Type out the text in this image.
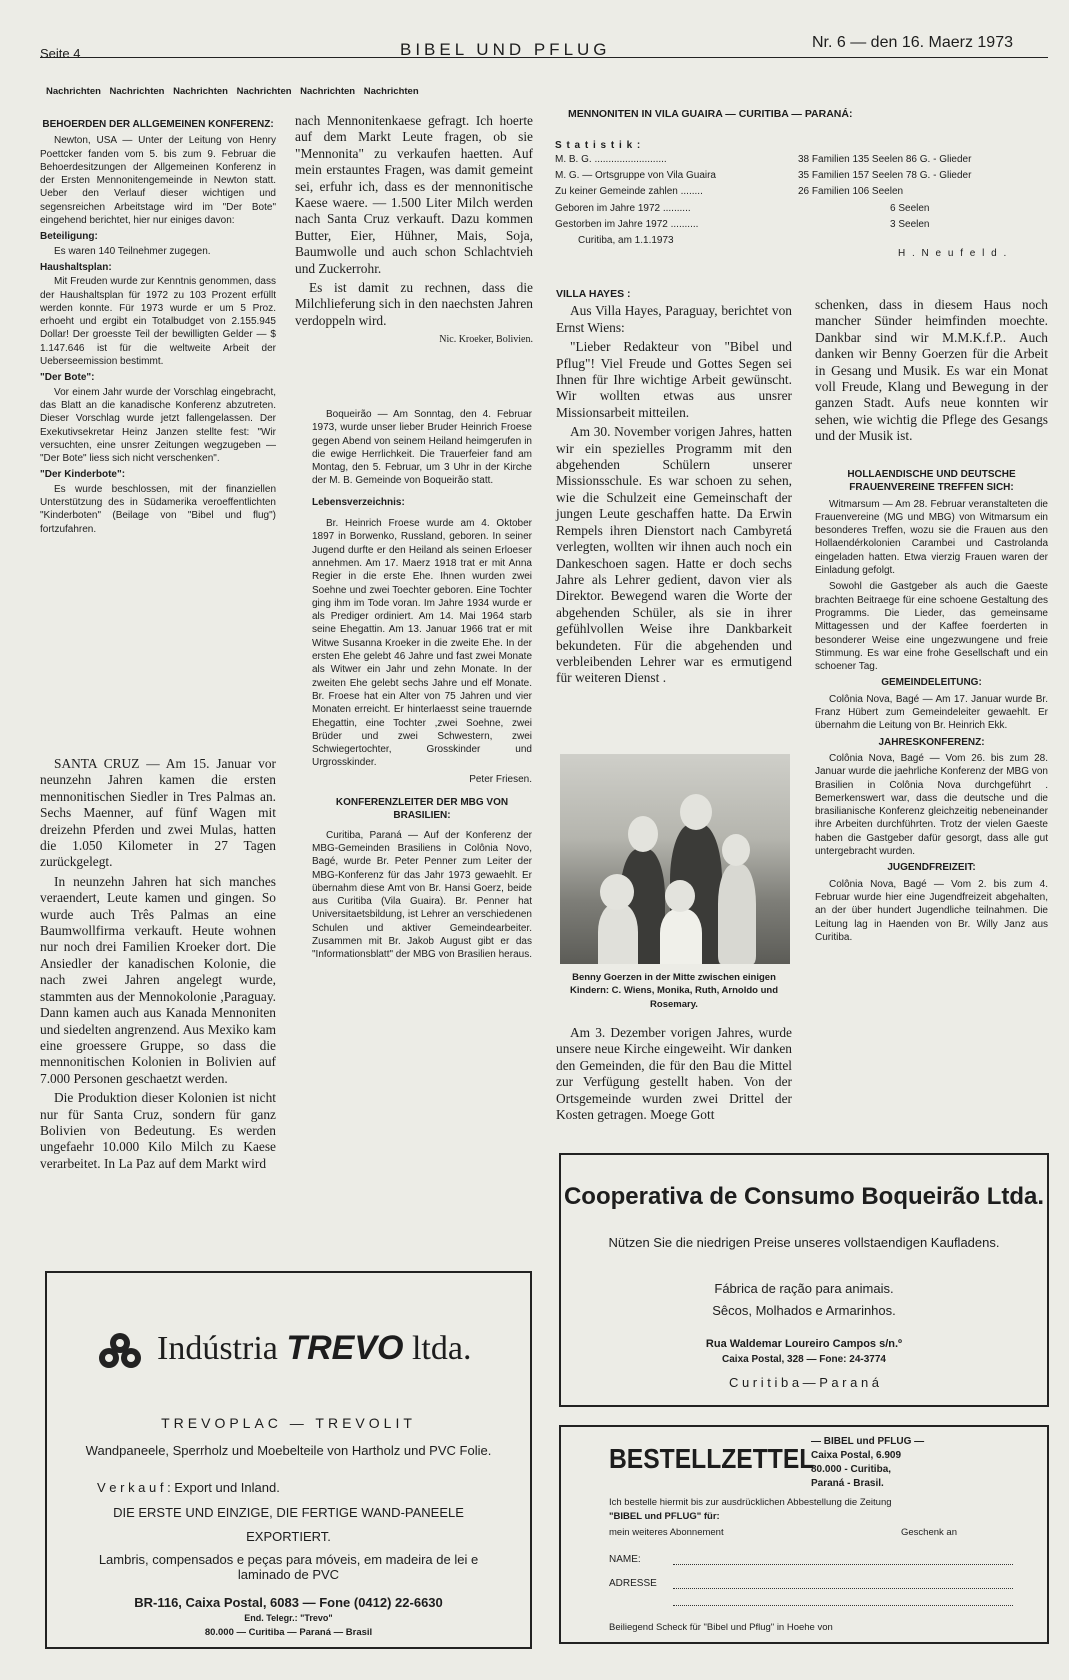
Seite 4	BIBEL UND PFLUG	Nr. 6 — den 16. Maerz 1973
Nachrichten Nachrichten Nachrichten Nachrichten Nachrichten Nachrichten
BEHOERDEN DER ALLGEMEINEN KONFERENZ:

Newton, USA — Unter der Leitung von Henry Poettcker fanden vom 5. bis zum 9. Februar die Behoerdesitzungen der Allgemeinen Konferenz in der Ersten Mennonitengemeinde in Newton statt. Ueber den Verlauf dieser wichtigen und segensreichen Arbeitstage wird im "Der Bote" eingehend berichtet, hier nur einiges davon:

Beteiligung:

Es waren 140 Teilnehmer zugegen.

Haushaltsplan:

Mit Freuden wurde zur Kenntnis genommen, dass der Haushaltsplan für 1972 zu 103 Prozent erfüllt werden konnte. Für 1973 wurde er um 5 Proz. erhoeht und ergibt ein Totalbudget von 2.155.945 Dollar! Der groesste Teil der bewilligten Gelder — $ 1.147.646 ist für die weltweite Arbeit der Ueberseemission bestimmt.

"Der Bote":

Vor einem Jahr wurde der Vorschlag eingebracht, das Blatt an die kanadische Konferenz abzutreten. Dieser Vorschlag wurde jetzt fallengelassen. Der Exekutivsekretar Heinz Janzen stellte fest: "Wir versuchten, eine unsrer Zeitungen wegzugeben — "Der Bote" liess sich nicht verschenken".

"Der Kinderbote":

Es wurde beschlossen, mit der finanziellen Unterstützung des in Südamerika veroeffentlichten "Kinderboten" (Beilage von "Bibel und flug") fortzufahren.

SANTA CRUZ — Am 15. Januar vor neunzehn Jahren kamen die ersten mennonitischen Siedler in Tres Palmas an. Sechs Maenner, auf fünf Wagen mit dreizehn Pferden und zwei Mulas, hatten die 1.050 Kilometer in 27 Tagen zurückgelegt.

In neunzehn Jahren hat sich manches veraendert, Leute kamen und gingen. So wurde auch Três Palmas an eine Baumwollfirma verkauft. Heute wohnen nur noch drei Familien Kroeker dort. Die Ansiedler der kanadischen Kolonie, die nach zwei Jahren angelegt wurde, stammten aus der Mennokolonie ,Paraguay. Dann kamen auch aus Kanada Mennoniten und siedelten angrenzend. Aus Mexiko kam eine groessere Gruppe, so dass die mennonitischen Kolonien in Bolivien auf 7.000 Personen geschaetzt werden.

Die Produktion dieser Kolonien ist nicht nur für Santa Cruz, sondern für ganz Bolivien von Bedeutung. Es werden ungefaehr 10.000 Kilo Milch zu Kaese verarbeitet. In La Paz auf dem Markt wird

nach Mennonitenkaese gefragt. Ich hoerte auf dem Markt Leute fragen, ob sie "Mennonita" zu verkaufen haetten. Auf mein erstauntes Fragen, was damit gemeint sei, erfuhr ich, dass es der mennonitische Kaese waere. — 1.500 Liter Milch werden nach Santa Cruz verkauft. Dazu kommen Butter, Eier, Hühner, Mais, Soja, Baumwolle und auch schon Schlachtvieh und Zuckerrohr.

Es ist damit zu rechnen, dass die Milchlieferung sich in den naechsten Jahren verdoppeln wird.

Nic. Kroeker, Bolivien.

Boqueirão — Am Sonntag, den 4. Februar 1973, wurde unser lieber Bruder Heinrich Froese gegen Abend von seinem Heiland heimgerufen in die ewige Herrlichkeit. Die Trauerfeier fand am Montag, den 5. Februar, um 3 Uhr in der Kirche der M. B. Gemeinde von Boqueirão statt.

Lebensverzeichnis:

Br. Heinrich Froese wurde am 4. Oktober 1897 in Borwenko, Russland, geboren. In seiner Jugend durfte er den Heiland als seinen Erloeser annehmen. Am 17. Maerz 1918 trat er mit Anna Regier in die erste Ehe. Ihnen wurden zwei Soehne und zwei Toechter geboren. Eine Tochter ging ihm im Tode voran. Im Jahre 1934 wurde er als Prediger ordiniert. Am 14. Mai 1964 starb seine Ehegattin. Am 13. Januar 1966 trat er mit Witwe Susanna Kroeker in die zweite Ehe. In der ersten Ehe gelebt 46 Jahre und fast zwei Monate als Witwer ein Jahr und zehn Monate. In der zweiten Ehe gelebt sechs Jahre und elf Monate. Br. Froese hat ein Alter von 75 Jahren und vier Monaten erreicht. Er hinterlaesst seine trauernde Ehegattin, eine Tochter ,zwei Soehne, zwei Brüder und zwei Schwestern, zwei Schwiegertochter, Grosskinder und Urgrosskinder.

Peter Friesen.
KONFERENZLEITER DER MBG VON BRASILIEN:

Curitiba, Paraná — Auf der Konferenz der MBG-Gemeinden Brasiliens in Colônia Novo, Bagé, wurde Br. Peter Penner zum Leiter der MBG-Konferenz für das Jahr 1973 gewaehlt. Er übernahm diese Amt von Br. Hansi Goerz, beide aus Curitiba (Vila Guaira). Br. Penner hat Universitaetsbildung, ist Lehrer an verschiedenen Schulen und aktiver Gemeindearbeiter. Zusammen mit Br. Jakob August gibt er das "Informationsblatt" der MBG von Brasilien heraus.

MENNONITEN IN VILA GUAIRA — CURITIBA — PARANÁ:
S t a t i s t i k :
M. B. G. ..........................	38 Familien 135 Seelen 86 G. - Glieder
M. G. — Ortsgruppe von Vila Guaira	35 Familien 157 Seelen 78 G. - Glieder
Zu keiner Gemeinde zahlen ........	26 Familien 106 Seelen
Geboren im Jahre 1972 ..........	6 Seelen
Gestorben im Jahre 1972 ..........	3 Seelen
Curitiba, am 1.1.1973
H . N e u f e l d .
VILLA HAYES :

Aus Villa Hayes, Paraguay, berichtet von Ernst Wiens:

"Lieber Redakteur von "Bibel und Pflug"! Viel Freude und Gottes Segen sei Ihnen für Ihre wichtige Arbeit gewünscht. Wir wollten etwas aus unsrer Missionsarbeit mitteilen.

Am 30. November vorigen Jahres, hatten wir ein spezielles Programm mit den abgehenden Schülern unserer Missionsschule. Es war schoen zu sehen, wie die Schulzeit eine Gemeinschaft der jungen Leute geschaffen hatte. Da Erwin Rempels ihren Dienstort nach Cambyretá verlegten, wollten wir ihnen auch noch ein Dankeschoen sagen. Hatte er doch sechs Jahre als Lehrer gedient, davon vier als Direktor. Bewegend waren die Worte der abgehenden Schüler, als sie in ihrer gefühlvollen Weise ihre Dankbarkeit bekundeten. Für die abgehenden und verbleibenden Lehrer war es ermutigend für weiteren Dienst .

Benny Goerzen in der Mitte zwischen einigen Kindern: C. Wiens, Monika, Ruth, Arnoldo und Rosemary.

Am 3. Dezember vorigen Jahres, wurde unsere neue Kirche eingeweiht. Wir danken den Gemeinden, die für den Bau die Mittel zur Verfügung gestellt haben. Von der Ortsgemeinde wurden zwei Drittel der Kosten getragen. Moege Gott

schenken, dass in diesem Haus noch mancher Sünder heimfinden moechte. Dankbar sind wir M.M.K.f.P.. Auch danken wir Benny Goerzen für die Arbeit in Gesang und Musik. Es war ein Monat voll Freude, Klang und Bewegung in der ganzen Stadt. Aufs neue konnten wir sehen, wie wichtig die Pflege des Gesangs und der Musik ist.

HOLLAENDISCHE UND DEUTSCHE FRAUENVEREINE TREFFEN SICH:

Witmarsum — Am 28. Februar veranstalteten die Frauenvereine (MG und MBG) von Witmarsum ein besonderes Treffen, wozu sie die Frauen aus den Hollaendérkolonien Carambei und Castrolanda eingeladen hatten. Etwa vierzig Frauen waren der Einladung gefolgt.

Sowohl die Gastgeber als auch die Gaeste brachten Beitraege für eine schoene Gestaltung des Programms. Die Lieder, das gemeinsame Mittagessen und der Kaffee foerderten in besonderer Weise eine ungezwungene und freie Stimmung. Es war eine frohe Gesellschaft und ein schoener Tag.

GEMEINDELEITUNG:

Colônia Nova, Bagé — Am 17. Januar wurde Br. Franz Hübert zum Gemeindeleiter gewaehlt. Er übernahm die Leitung von Br. Heinrich Ekk.

JAHRESKONFERENZ:

Colônia Nova, Bagé — Vom 26. bis zum 28. Januar wurde die jaehrliche Konferenz der MBG von Brasilien in Colônia Nova durchgeführt . Bemerkenswert war, dass die deutsche und die brasilianische Konferenz gleichzeitig nebeneinander ihre Arbeiten durchführten. Trotz der vielen Gaeste haben die Gastgeber dafür gesorgt, dass alle gut untergebracht wurden.

JUGENDFREIZEIT:

Colônia Nova, Bagé — Vom 2. bis zum 4. Februar wurde hier eine Jugendfreizeit abgehalten, an der über hundert Jugendliche teilnahmen. Die Leitung lag in Haenden von Br. Willy Janz aus Curitiba.

Indústria TREVO ltda.
TREVOPLAC — TREVOLIT
Wandpaneele, Sperrholz und Moebelteile von Hartholz und PVC Folie.
V e r k a u f : Export und Inland.
DIE ERSTE UND EINZIGE, DIE FERTIGE WAND-PANEELE EXPORTIERT.
Lambris, compensados e peças para móveis, em madeira de lei e laminado de PVC
BR-116, Caixa Postal, 6083 — Fone (0412) 22-6630
End. Telegr.: "Trevo"
80.000 — Curitiba — Paraná — Brasil
Cooperativa de Consumo Boqueirão Ltda.
Nützen Sie die niedrigen Preise unseres vollstaendigen Kaufladens.
Fábrica de ração para animais.
Sêcos, Molhados e Armarinhos.
Rua Waldemar Loureiro Campos s/n.º
Caixa Postal, 328 — Fone: 24-3774
C u r i t i b a — P a r a n á
BESTELLZETTEL
— BIBEL und PFLUG —
Caixa Postal, 6.909
80.000 - Curitiba,
Paraná - Brasil.
Ich bestelle hiermit bis zur ausdrücklichen Abbestellung die Zeitung
"BIBEL und PFLUG" für:
mein weiteres Abonnement	Geschenk an
NAME:
ADRESSE
Beiliegend Scheck für "Bibel und Pflug" in Hoehe von
